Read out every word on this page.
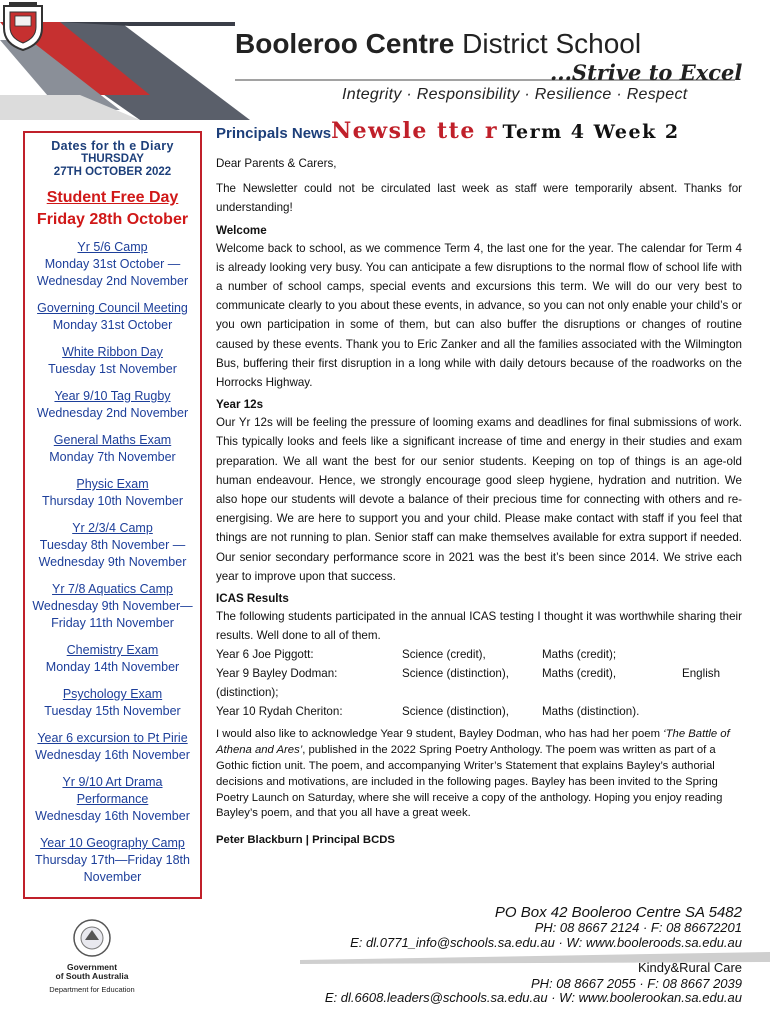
Booleroo Centre District School
...Strive to Excel
Integrity · Responsibility · Resilience · Respect
Dates for th e Diary
THURSDAY
27TH OCTOBER 2022
Student Free Day
Friday 28th October
Yr 5/6 Camp
Monday 31st October — Wednesday 2nd November
Governing Council Meeting
Monday 31st October
White Ribbon Day
Tuesday 1st November
Year 9/10 Tag Rugby
Wednesday 2nd November
General Maths Exam
Monday 7th November
Physic Exam
Thursday 10th November
Yr 2/3/4 Camp
Tuesday 8th November — Wednesday 9th November
Yr 7/8 Aquatics Camp
Wednesday 9th November— Friday 11th November
Chemistry Exam
Monday 14th November
Psychology Exam
Tuesday 15th November
Year 6 excursion to Pt Pirie
Wednesday 16th November
Yr 9/10 Art Drama Performance
Wednesday 16th November
Year 10 Geography Camp
Thursday 17th—Friday 18th November
Principals NewsNewsle tte r Term 4 Week 2

Dear Parents & Carers,

The Newsletter could not be circulated last week as staff were temporarily absent. Thanks for understanding!

Welcome

Welcome back to school, as we commence Term 4, the last one for the year. The calendar for Term 4 is already looking very busy. You can anticipate a few disruptions to the normal flow of school life with a number of school camps, special events and excursions this term. We will do our very best to communicate clearly to you about these events, in advance, so you can not only enable your child’s or you own participation in some of them, but can also buffer the disruptions or changes of routine caused by these events. Thank you to Eric Zanker and all the families associated with the Wilmington Bus, buffering their first disruption in a long while with daily detours because of the roadworks on the Horrocks Highway.

Year 12s

Our Yr 12s will be feeling the pressure of looming exams and deadlines for final submissions of work. This typically looks and feels like a significant increase of time and energy in their studies and exam preparation. We all want the best for our senior students. Keeping on top of things is an age-old human endeavour. Hence, we strongly encourage good sleep hygiene, hydration and nutrition. We also hope our students will devote a balance of their precious time for connecting with others and re-energising. We are here to support you and your child. Please make contact with staff if you feel that things are not running to plan. Senior staff can make themselves available for extra support if needed. Our senior secondary performance score in 2021 was the best it’s been since 2014. We strive each year to improve upon that success.

ICAS Results

The following students participated in the annual ICAS testing I thought it was worthwhile sharing their results. Well done to all of them.

Year 6 Joe Piggott:	Science (credit),	Maths (credit);
Year 9 Bayley Dodman:	Science (distinction),	Maths (credit),	English
(distinction);
Year 10 Rydah Cheriton:	Science (distinction),	Maths (distinction).

I would also like to acknowledge Year 9 student, Bayley Dodman, who has had her poem ‘The Battle of Athena and Ares’, published in the 2022 Spring Poetry Anthology. The poem was written as part of a Gothic fiction unit. The poem, and accompanying Writer’s Statement that explains Bayley’s authorial decisions and motivations, are included in the following pages. Bayley has been invited to the Spring Poetry Launch on Saturday, where she will receive a copy of the anthology. Hoping you enjoy reading Bayley’s poem, and that you all have a great week.

Peter Blackburn | Principal BCDS
Government
of South Australia
Department for Education
PO Box 42 Booleroo Centre SA 5482
PH: 08 8667 2124 · F: 08 86672201
E: dl.0771_info@schools.sa.edu.au · W: www.booleroods.sa.edu.au
Kindy&Rural Care
PH: 08 8667 2055 · F: 08 8667 2039
E: dl.6608.leaders@schools.sa.edu.au · W: www.boolerookan.sa.edu.au
